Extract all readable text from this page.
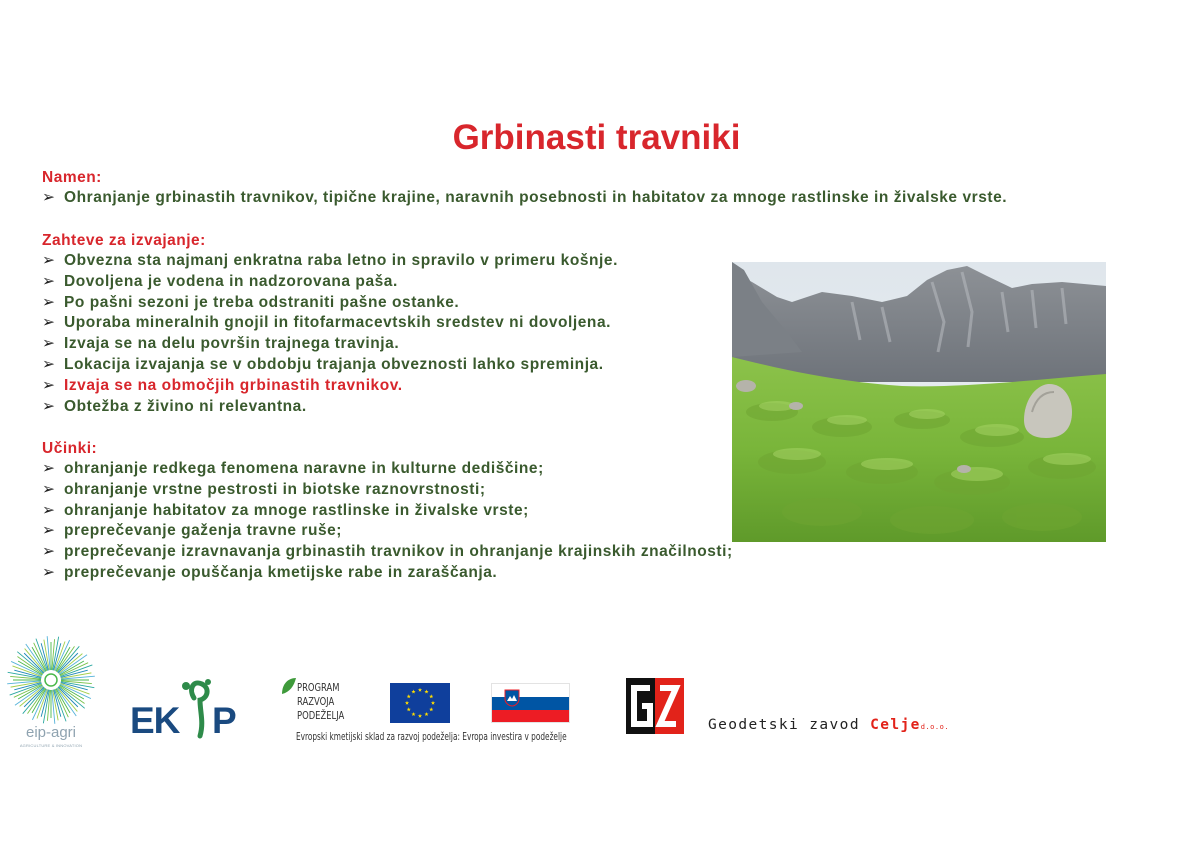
Grbinasti travniki
Namen:
➢ Ohranjanje grbinastih travnikov, tipične krajine, naravnih posebnosti in habitatov za mnoge rastlinske in živalske vrste.
Zahteve za izvajanje:
➢ Obvezna sta najmanj enkratna raba letno in spravilo v primeru košnje.
➢ Dovoljena je vodena in nadzorovana paša.
➢ Po pašni sezoni je treba odstraniti pašne ostanke.
➢ Uporaba mineralnih gnojil in fitofarmacevtskih sredstev ni dovoljena.
➢ Izvaja se na delu površin trajnega travinja.
➢ Lokacija izvajanja se v obdobju trajanja obveznosti lahko spreminja.
➢ Izvaja se na območjih grbinastih travnikov.
➢ Obtežba z živino ni relevantna.
Učinki:
➢ ohranjanje redkega fenomena naravne in kulturne dediščine;
➢ ohranjanje vrstne pestrosti in biotske raznovrstnosti;
➢ ohranjanje habitatov za mnoge rastlinske in živalske vrste;
➢ preprečevanje gaženja travne ruše;
➢ preprečevanje izravnavanja grbinastih travnikov in ohranjanje krajinskih značilnosti;
➢ preprečevanje opuščanja kmetijske rabe in zaraščanja.
eip-agri
AGRICULTURE & INNOVATION
EK P
PROGRAM
RAZVOJA
PODEŽELJA
Evropski kmetijski sklad za razvoj podeželja: Evropa investira v podeželje
Geodetski zavod Celjed.o.o.
